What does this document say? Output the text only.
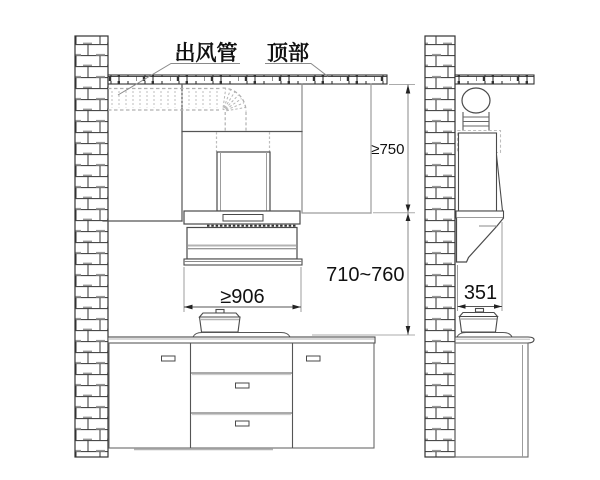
≥906
≥750
710~760
出风管 顶部
351
